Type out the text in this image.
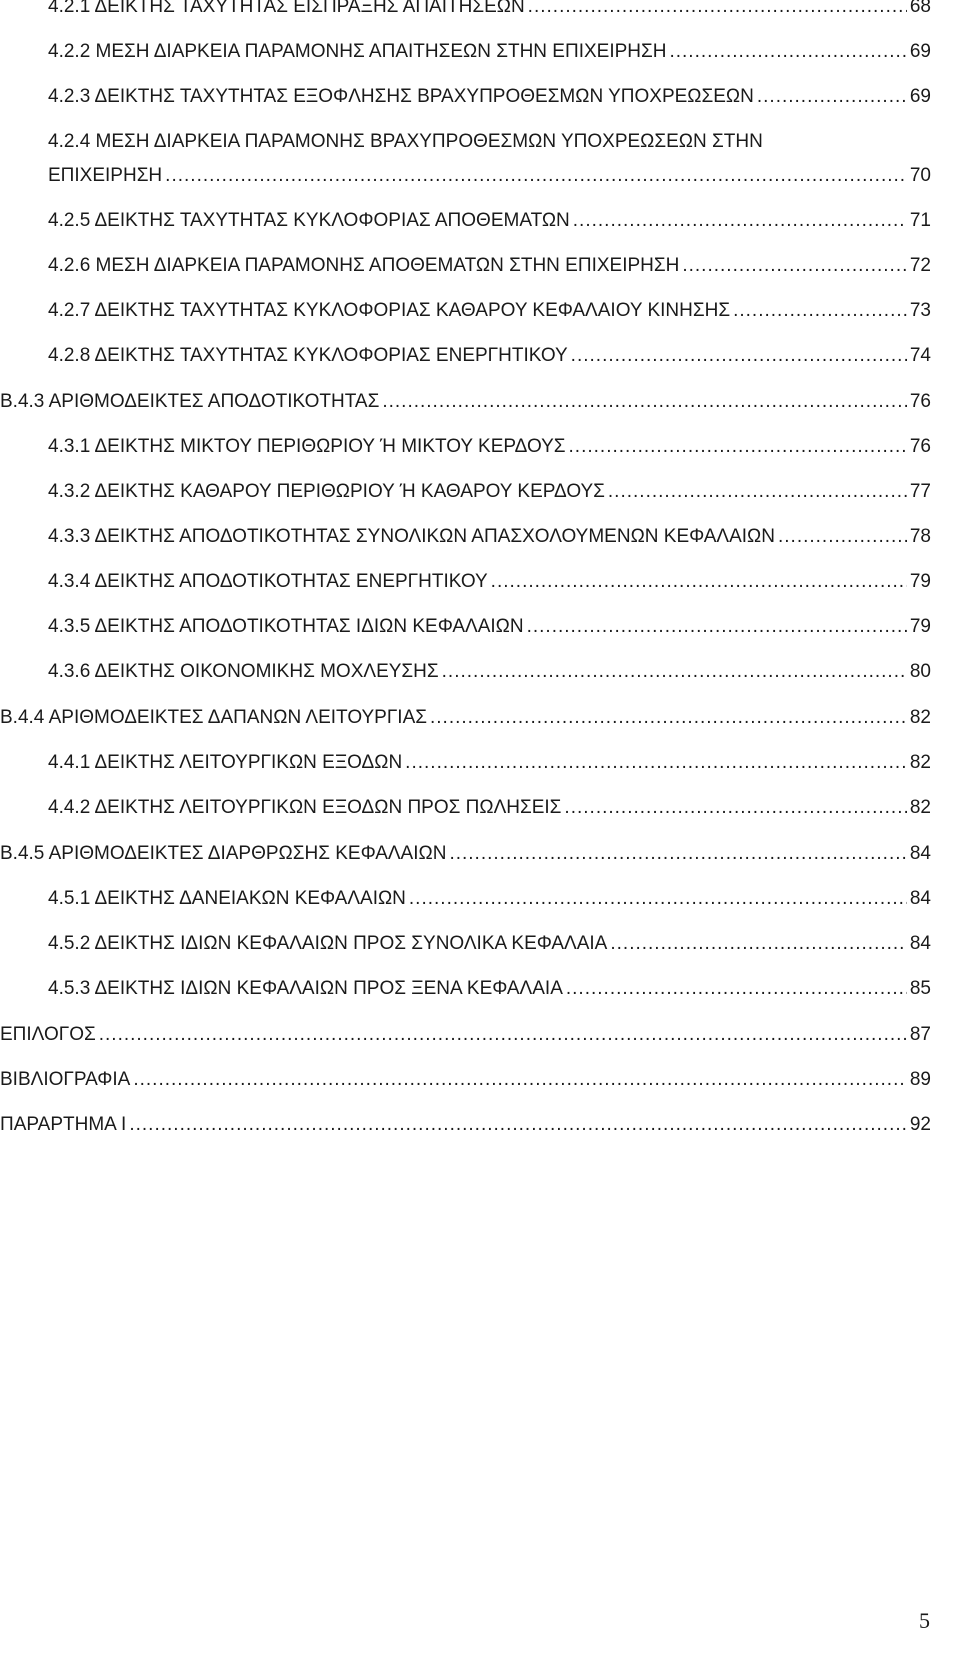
4.2.1 ΔΕΙΚΤΗΣ ΤΑΧΥΤΗΤΑΣ ΕΙΣΠΡΑΞΗΣ ΑΠΑΙΤΗΣΕΩΝ .....	68
4.2.2 ΜΕΣΗ ΔΙΑΡΚΕΙΑ ΠΑΡΑΜΟΝΗΣ ΑΠΑΙΤΗΣΕΩΝ ΣΤΗΝ ΕΠΙΧΕΙΡΗΣΗ .....	69
4.2.3 ΔΕΙΚΤΗΣ ΤΑΧΥΤΗΤΑΣ ΕΞΟΦΛΗΣΗΣ ΒΡΑΧΥΠΡΟΘΕΣΜΩΝ ΥΠΟΧΡΕΩΣΕΩΝ .....	69
4.2.4 ΜΕΣΗ ΔΙΑΡΚΕΙΑ ΠΑΡΑΜΟΝΗΣ ΒΡΑΧΥΠΡΟΘΕΣΜΩΝ ΥΠΟΧΡΕΩΣΕΩΝ ΣΤΗΝ
ΕΠΙΧΕΙΡΗΣΗ .....	70
4.2.5 ΔΕΙΚΤΗΣ ΤΑΧΥΤΗΤΑΣ ΚΥΚΛΟΦΟΡΙΑΣ ΑΠΟΘΕΜΑΤΩΝ .....	71
4.2.6 ΜΕΣΗ ΔΙΑΡΚΕΙΑ ΠΑΡΑΜΟΝΗΣ ΑΠΟΘΕΜΑΤΩΝ ΣΤΗΝ ΕΠΙΧΕΙΡΗΣΗ .....	72
4.2.7 ΔΕΙΚΤΗΣ ΤΑΧΥΤΗΤΑΣ ΚΥΚΛΟΦΟΡΙΑΣ ΚΑΘΑΡΟΥ ΚΕΦΑΛΑΙΟΥ ΚΙΝΗΣΗΣ .....	73
4.2.8 ΔΕΙΚΤΗΣ ΤΑΧΥΤΗΤΑΣ ΚΥΚΛΟΦΟΡΙΑΣ ΕΝΕΡΓΗΤΙΚΟΥ .....	74
Β.4.3 ΑΡΙΘΜΟΔΕΙΚΤΕΣ ΑΠΟΔΟΤΙΚΟΤΗΤΑΣ .....	76
4.3.1 ΔΕΙΚΤΗΣ ΜΙΚΤΟΥ ΠΕΡΙΘΩΡΙΟΥ Ή ΜΙΚΤΟΥ ΚΕΡΔΟΥΣ .....	76
4.3.2 ΔΕΙΚΤΗΣ ΚΑΘΑΡΟΥ ΠΕΡΙΘΩΡΙΟΥ Ή ΚΑΘΑΡΟΥ ΚΕΡΔΟΥΣ .....	77
4.3.3 ΔΕΙΚΤΗΣ ΑΠΟΔΟΤΙΚΟΤΗΤΑΣ ΣΥΝΟΛΙΚΩΝ ΑΠΑΣΧΟΛΟΥΜΕΝΩΝ ΚΕΦΑΛΑΙΩΝ .....	78
4.3.4 ΔΕΙΚΤΗΣ ΑΠΟΔΟΤΙΚΟΤΗΤΑΣ ΕΝΕΡΓΗΤΙΚΟΥ .....	79
4.3.5 ΔΕΙΚΤΗΣ ΑΠΟΔΟΤΙΚΟΤΗΤΑΣ ΙΔΙΩΝ ΚΕΦΑΛΑΙΩΝ .....	79
4.3.6 ΔΕΙΚΤΗΣ ΟΙΚΟΝΟΜΙΚΗΣ ΜΟΧΛΕΥΣΗΣ .....	80
Β.4.4 ΑΡΙΘΜΟΔΕΙΚΤΕΣ ΔΑΠΑΝΩΝ ΛΕΙΤΟΥΡΓΙΑΣ .....	82
4.4.1 ΔΕΙΚΤΗΣ ΛΕΙΤΟΥΡΓΙΚΩΝ ΕΞΟΔΩΝ .....	82
4.4.2 ΔΕΙΚΤΗΣ ΛΕΙΤΟΥΡΓΙΚΩΝ ΕΞΟΔΩΝ ΠΡΟΣ ΠΩΛΗΣΕΙΣ .....	82
Β.4.5 ΑΡΙΘΜΟΔΕΙΚΤΕΣ ΔΙΑΡΘΡΩΣΗΣ ΚΕΦΑΛΑΙΩΝ .....	84
4.5.1 ΔΕΙΚΤΗΣ ΔΑΝΕΙΑΚΩΝ ΚΕΦΑΛΑΙΩΝ .....	84
4.5.2 ΔΕΙΚΤΗΣ ΙΔΙΩΝ ΚΕΦΑΛΑΙΩΝ ΠΡΟΣ ΣΥΝΟΛΙΚΑ ΚΕΦΑΛΑΙΑ .....	84
4.5.3 ΔΕΙΚΤΗΣ ΙΔΙΩΝ ΚΕΦΑΛΑΙΩΝ ΠΡΟΣ ΞΕΝΑ ΚΕΦΑΛΑΙΑ .....	85
ΕΠΙΛΟΓΟΣ .....	87
ΒΙΒΛΙΟΓΡΑΦΙΑ .....	89
ΠΑΡΑΡΤΗΜΑ Ι .....	92
5
